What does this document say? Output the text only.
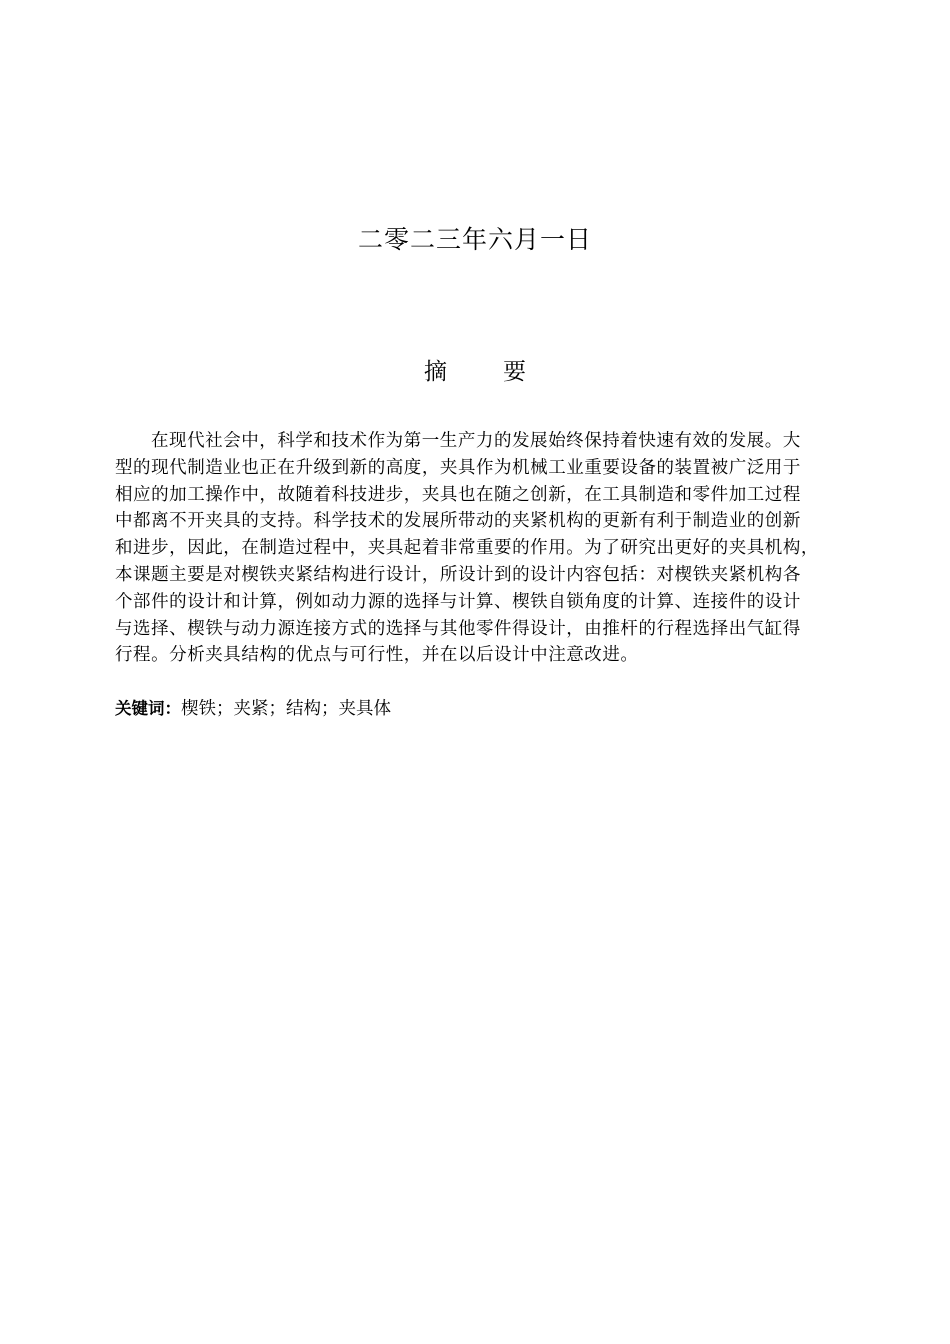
二零二三年六月一日
摘 要
在现代社会中，科学和技术作为第一生产力的发展始终保持着快速有效的发展。大
型的现代制造业也正在升级到新的高度，夹具作为机械工业重要设备的装置被广泛用于
相应的加工操作中，故随着科技进步，夹具也在随之创新，在工具制造和零件加工过程
中都离不开夹具的支持。科学技术的发展所带动的夹紧机构的更新有利于制造业的创新
和进步，因此，在制造过程中，夹具起着非常重要的作用。为了研究出更好的夹具机构，
本课题主要是对楔铁夹紧结构进行设计，所设计到的设计内容包括：对楔铁夹紧机构各
个部件的设计和计算，例如动力源的选择与计算、楔铁自锁角度的计算、连接件的设计
与选择、楔铁与动力源连接方式的选择与其他零件得设计，由推杆的行程选择出气缸得
行程。分析夹具结构的优点与可行性，并在以后设计中注意改进。
关键词：楔铁；夹紧；结构；夹具体
